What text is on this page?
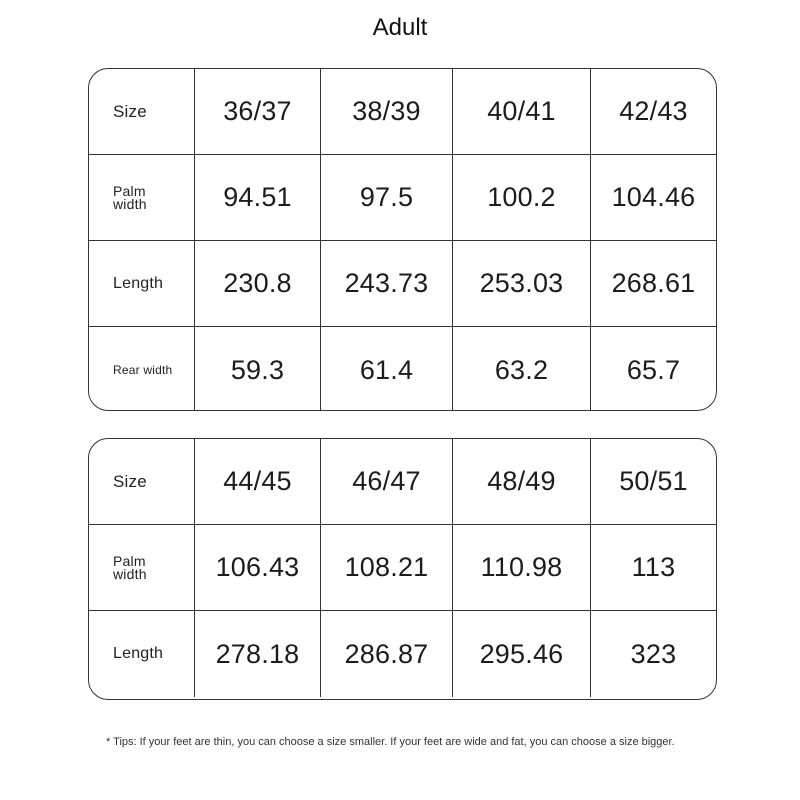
Adult
Size	36/37	38/39	40/41	42/43
Palm
width	94.51	97.5	100.2	104.46
Length	230.8	243.73	253.03	268.61
Rear width	59.3	61.4	63.2	65.7
Size	44/45	46/47	48/49	50/51
Palm
width	106.43	108.21	110.98	113
Length	278.18	286.87	295.46	323
* Tips: If your feet are thin, you can choose a size smaller. If your feet are wide and fat, you can choose a size bigger.
